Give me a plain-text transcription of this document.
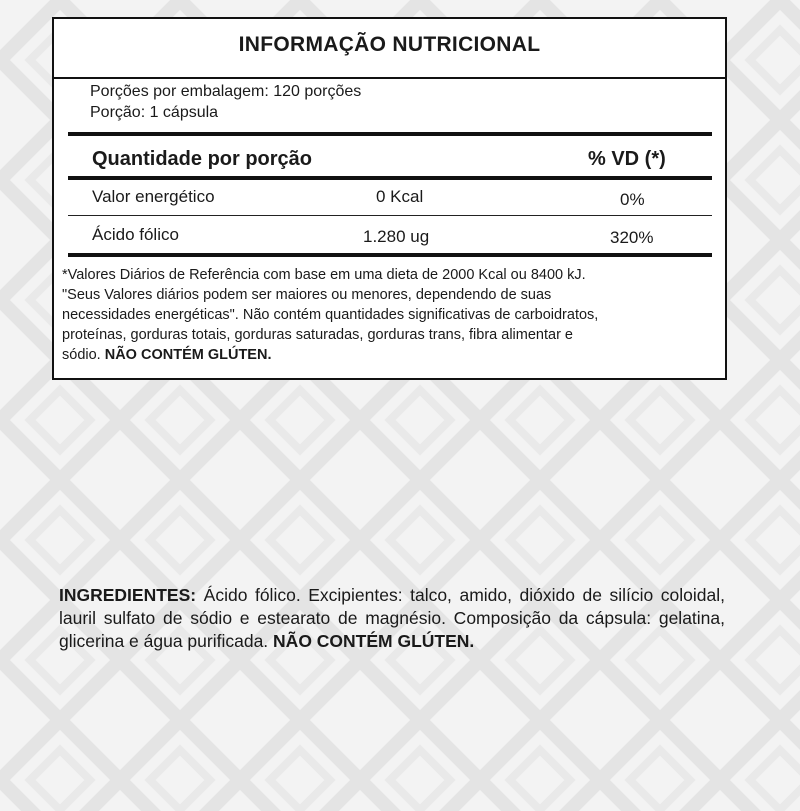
INFORMAÇÃO NUTRICIONAL
Porções por embalagem: 120 porções
Porção: 1 cápsula
Quantidade por porção	% VD (*)
Valor energético	0 Kcal	0%
Ácido fólico	1.280 ug	320%

*Valores Diários de Referência com base em uma dieta de 2000 Kcal ou 8400 kJ.

"Seus Valores diários podem ser maiores ou menores, dependendo de suas

necessidades energéticas". Não contém quantidades significativas de carboidratos,

proteínas, gorduras totais, gorduras saturadas, gorduras trans, fibra alimentar e

sódio. NÃO CONTÉM GLÚTEN.

INGREDIENTES: Ácido fólico. Excipientes: talco, amido, dióxido de silício coloidal, lauril sulfato de sódio e estearato de magnésio. Composição da cápsula: gelatina, glicerina e água purificada. NÃO CONTÉM GLÚTEN.
